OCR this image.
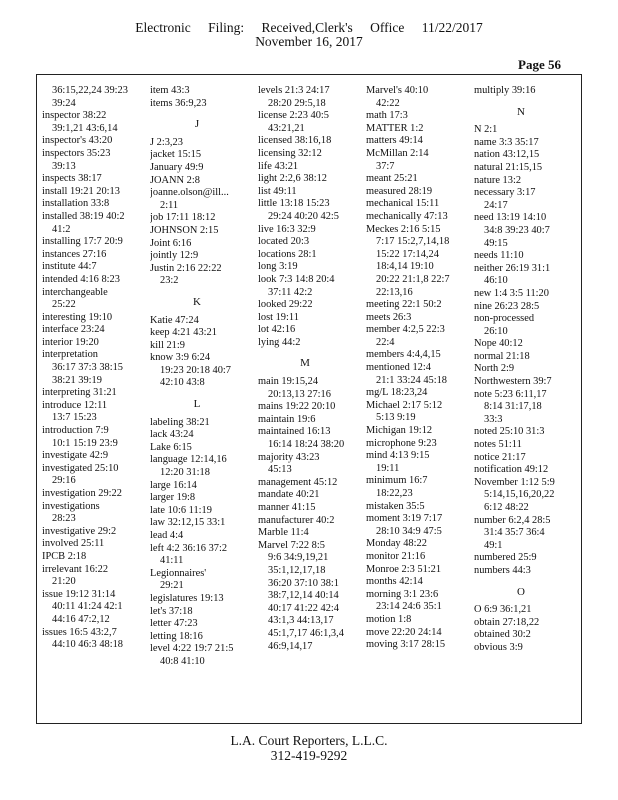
Electronic Filing: Received,Clerk's Office 11/22/2017
November 16, 2017
Page 56
36:15,22,24 39:23
39:24
inspector 38:22
39:1,21 43:6,14
inspector's 43:20
inspectors 35:23
39:13
inspects 38:17
install 19:21 20:13
installation 33:8
installed 38:19 40:2
41:2
installing 17:7 20:9
instances 27:16
institute 44:7
intended 4:16 8:23
interchangeable
25:22
interesting 19:10
interface 23:24
interior 19:20
interpretation
36:17 37:3 38:15
38:21 39:19
interpreting 31:21
introduce 12:11
13:7 15:23
introduction 7:9
10:1 15:19 23:9
investigate 42:9
investigated 25:10
29:16
investigation 29:22
investigations
28:23
investigative 29:2
involved 25:11
IPCB 2:18
irrelevant 16:22
21:20
issue 19:12 31:14
40:11 41:24 42:1
44:16 47:2,12
issues 16:5 43:2,7
44:10 46:3 48:18
item 43:3
items 36:9,23
J
J 2:3,23
jacket 15:15
January 49:9
JOANN 2:8
joanne.olson@ill...
2:11
job 17:11 18:12
JOHNSON 2:15
Joint 6:16
jointly 12:9
Justin 2:16 22:22
23:2
K
Katie 47:24
keep 4:21 43:21
kill 21:9
know 3:9 6:24
19:23 20:18 40:7
42:10 43:8
L
labeling 38:21
lack 43:24
Lake 6:15
language 12:14,16
12:20 31:18
large 16:14
larger 19:8
late 10:6 11:19
law 32:12,15 33:1
lead 4:4
left 4:2 36:16 37:2
41:11
Legionnaires'
29:21
legislatures 19:13
let's 37:18
letter 47:23
letting 18:16
level 4:22 19:7 21:5
40:8 41:10
levels 21:3 24:17
28:20 29:5,18
license 2:23 40:5
43:21,21
licensed 38:16,18
licensing 32:12
life 43:21
light 2:2,6 38:12
list 49:11
little 13:18 15:23
29:24 40:20 42:5
live 16:3 32:9
located 20:3
locations 28:1
long 3:19
look 7:3 14:8 20:4
37:11 42:2
looked 29:22
lost 19:11
lot 42:16
lying 44:2
M
main 19:15,24
20:13,13 27:16
mains 19:22 20:10
maintain 19:6
maintained 16:13
16:14 18:24 38:20
majority 43:23
45:13
management 45:12
mandate 40:21
manner 41:15
manufacturer 40:2
Marble 11:4
Marvel 7:22 8:5
9:6 34:9,19,21
35:1,12,17,18
36:20 37:10 38:1
38:7,12,14 40:14
40:17 41:22 42:4
43:1,3 44:13,17
45:1,7,17 46:1,3,4
46:9,14,17
Marvel's 40:10
42:22
math 17:3
MATTER 1:2
matters 49:14
McMillan 2:14
37:7
meant 25:21
measured 28:19
mechanical 15:11
mechanically 47:13
Meckes 2:16 5:15
7:17 15:2,7,14,18
15:22 17:14,24
18:4,14 19:10
20:22 21:1,8 22:7
22:13,16
meeting 22:1 50:2
meets 26:3
member 4:2,5 22:3
22:4
members 4:4,4,15
mentioned 12:4
21:1 33:24 45:18
mg/L 18:23,24
Michael 2:17 5:12
5:13 9:19
Michigan 19:12
microphone 9:23
mind 4:13 9:15
19:11
minimum 16:7
18:22,23
mistaken 35:5
moment 3:19 7:17
28:10 34:9 47:5
Monday 48:22
monitor 21:16
Monroe 2:3 51:21
months 42:14
morning 3:1 23:6
23:14 24:6 35:1
motion 1:8
move 22:20 24:14
moving 3:17 28:15
multiply 39:16
N
N 2:1
name 3:3 35:17
nation 43:12,15
natural 21:15,15
nature 13:2
necessary 3:17
24:17
need 13:19 14:10
34:8 39:23 40:7
49:15
needs 11:10
neither 26:19 31:1
46:10
new 1:4 3:5 11:20
nine 26:23 28:5
non-processed
26:10
Nope 40:12
normal 21:18
North 2:9
Northwestern 39:7
note 5:23 6:11,17
8:14 31:17,18
33:3
noted 25:10 31:3
notes 51:11
notice 21:17
notification 49:12
November 1:12 5:9
5:14,15,16,20,22
6:12 48:22
number 6:2,4 28:5
31:4 35:7 36:4
49:1
numbered 25:9
numbers 44:3
O
O 6:9 36:1,21
obtain 27:18,22
obtained 30:2
obvious 3:9
L.A. Court Reporters, L.L.C.
312-419-9292
